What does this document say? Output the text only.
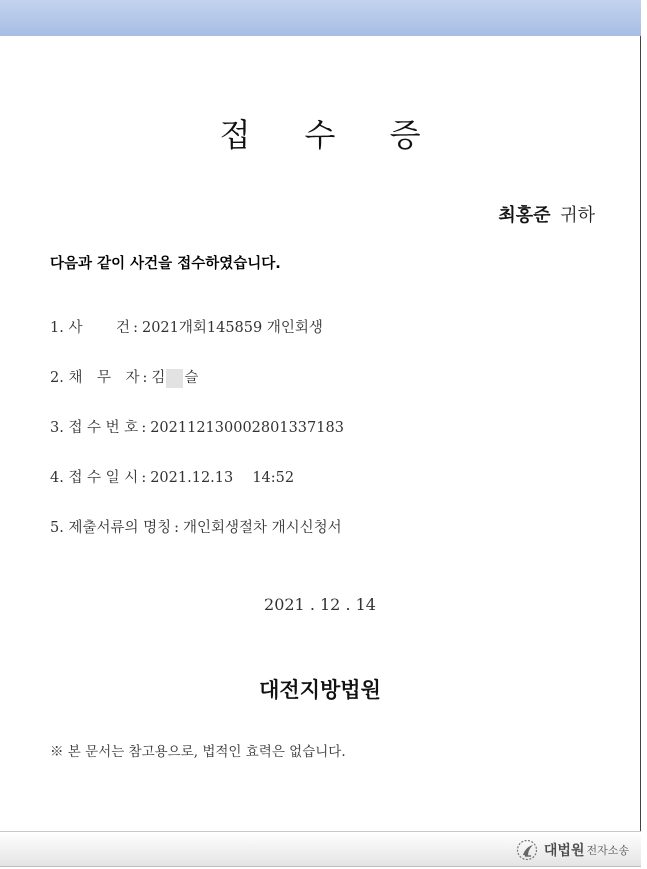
접 수 증
최홍준 귀하
다음과 같이 사건을 접수하였습니다.
1. 사　　 건 : 2021개회145859 개인회생
2. 채　무　자 : 김 슬
3. 접 수 번 호 : 20211213000280133718​3
4. 접 수 일 시 : 2021.12.13　 14:52
5. 제출서류의 명칭 : 개인회생절차 개시신청서
2021 . 12 . 14
대전지방법원
※ 본 문서는 참고용으로, 법적인 효력은 없습니다.
대법원 전자소송
